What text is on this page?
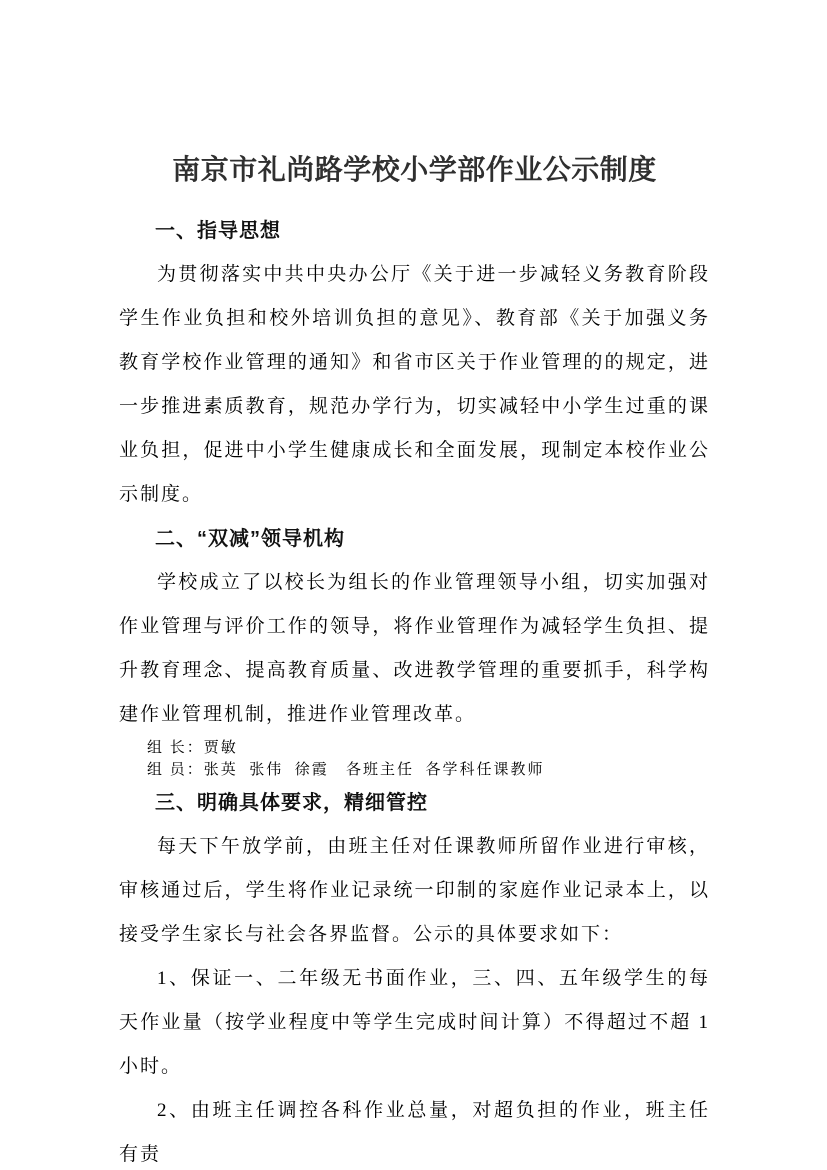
南京市礼尚路学校小学部作业公示制度
一、指导思想

为贯彻落实中共中央办公厅《关于进一步减轻义务教育阶段学生作业负担和校外培训负担的意见》、教育部《关于加强义务教育学校作业管理的通知》和省市区关于作业管理的的规定，进一步推进素质教育，规范办学行为，切实减轻中小学生过重的课业负担，促进中小学生健康成长和全面发展，现制定本校作业公示制度。

二、“双减”领导机构

学校成立了以校长为组长的作业管理领导小组，切实加强对作业管理与评价工作的领导，将作业管理作为减轻学生负担、提升教育理念、提高教育质量、改进教学管理的重要抓手，科学构建作业管理机制，推进作业管理改革。

组 长：贾敏
组 员：张英  张伟  徐霞   各班主任  各学科任课教师
三、明确具体要求，精细管控

每天下午放学前，由班主任对任课教师所留作业进行审核，审核通过后，学生将作业记录统一印制的家庭作业记录本上，以接受学生家长与社会各界监督。公示的具体要求如下：

1、保证一、二年级无书面作业，三、四、五年级学生的每天作业量（按学业程度中等学生完成时间计算）不得超过不超 1 小时。

2、由班主任调控各科作业总量，对超负担的作业，班主任有责
